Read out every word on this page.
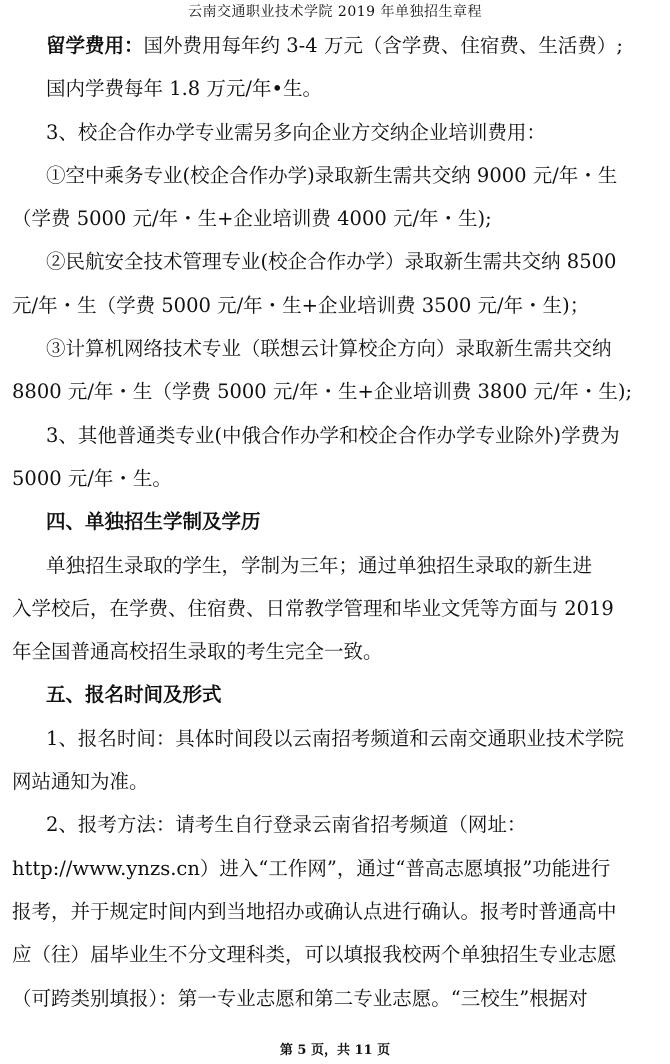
云南交通职业技术学院 2019 年单独招生章程
留学费用：国外费用每年约 3-4 万元（含学费、住宿费、生活费）;
国内学费每年 1.8 万元/年•生。
3、校企合作办学专业需另多向企业方交纳企业培训费用：
①空中乘务专业(校企合作办学)录取新生需共交纳 9000 元/年・生
（学费 5000 元/年・生+企业培训费 4000 元/年・生);
②民航安全技术管理专业(校企合作办学）录取新生需共交纳 8500
元/年・生（学费 5000 元/年・生+企业培训费 3500 元/年・生)；
③计算机网络技术专业（联想云计算校企方向）录取新生需共交纳
8800 元/年・生（学费 5000 元/年・生+企业培训费 3800 元/年・生);
3、其他普通类专业(中俄合作办学和校企合作办学专业除外)学费为
5000 元/年・生。
四、单独招生学制及学历
单独招生录取的学生，学制为三年；通过单独招生录取的新生进
入学校后，在学费、住宿费、日常教学管理和毕业文凭等方面与 2019
年全国普通高校招生录取的考生完全一致。
五、报名时间及形式
1、报名时间：具体时间段以云南招考频道和云南交通职业技术学院
网站通知为准。
2、报考方法：请考生自行登录云南省招考频道（网址：
http://www.ynzs.cn）进入“工作网”，通过“普高志愿填报”功能进行
报考，并于规定时间内到当地招办或确认点进行确认。报考时普通高中
应（往）届毕业生不分文理科类，可以填报我校两个单独招生专业志愿
（可跨类别填报）：第一专业志愿和第二专业志愿。“三校生”根据对
第 5 页，共 11 页
